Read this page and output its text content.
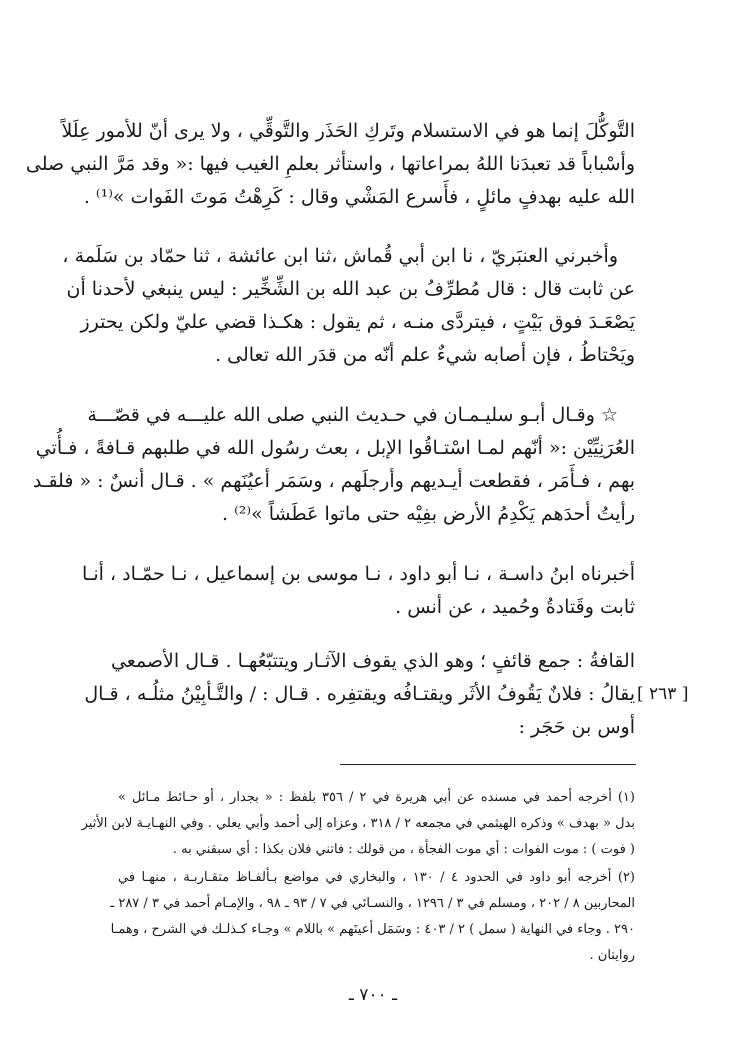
التَّوكُّلَ إنما هو في الاستسلام وتَركِ الحَذَر والتَّوقِّي ، ولا يرى أنّ للأمور عِلَلاً
وأسْباباً قد تعبدَنا اللهُ بمراعاتها ، واستأثر بعلمِ الغيب فيها :« وقد مَرَّ النبي صلى
الله عليه بهدفٍ مائلٍ ، فأَسرع المَشْي وقال : كَرِهْتُ مَوتَ الفَوات »⁽¹⁾ .
وأخبرني العنبَريّ ، نا ابن أبي قُماش ،ثنا ابن عائشة ، ثنا حمّاد بن سَلَمة ،
عن ثابت قال : قال مُطرِّفُ بن عبد الله بن الشِّخِّير : ليس ينبغي لأحدنا أن
يَصْعَـدَ فوق بَيْتٍ ، فيتردَّى منـه ، ثم يقول : هكـذا قضي عليّ ولكن يحترز
ويَحْتاطُ ، فإن أصابه شيءٌ علم أنّه من قدَر الله تعالى .
☆ وقـال أبـو سليـمـان في حـديث النبي صلى الله عليـــه في قصّـــة
العُرَنِيِّيْن :« أنّهم لمـا اسْتـاقُوا الإبل ، بعث رسُول الله في طلبهم قـافةً ، فـأُتي
بهم ، فـأَمَر ، فقطعت أيـديهم وأرجلَهم ، وسَمَر أعيُنَهم » . قـال أنسٌ : « فلقـد
رأيتُ أحدَهم يَكْدِمُ الأرض بفِيْه حتى ماتوا عَطَشاً »⁽²⁾ .
أخبرناه ابنُ داسـة ، نـا أبو داود ، نـا موسى بن إسماعيل ، نـا حمّـاد ، أنـا
ثابت وقَتادةُ وحُميد ، عن أنس .
القافةُ : جمع قائفٍ ؛ وهو الذي يقوف الآثـار ويتتبّعُهـا . قـال الأصمعي
يقالُ : فلانٌ يَقُوفُ الأثَر ويقتـافُه ويقتفِره . قـال : / والتَّـأبِيْنُ مثلُـه ، قـال
أوس بن حَجَر :
[ ٢٦٣ ]
(١) أخرجه أحمد في مسنده عن أبي هريرة في ٢ / ٣٥٦ بلفظ : « بجدار ، أو حـائط مـائل »
بدل « بهدف » وذكره الهيثمي في مجمعه ٢ / ٣١٨ ، وعزاه إلى أحمد وأبي يعلي . وفي النهـايـة لابن الأثير
( فوت ) : موت الفوات : أي موت الفجأة ، من قولك : فاتني فلان بكذا : أي سبقني به .
(٢) أخرجه أبو داود في الحدود ٤ / ١٣٠ ، والبخاري في مواضع بـألفـاظ متقـاربـة ، منهـا في
المحاربين ٨ / ٢٠٢ ، ومسلم في ٣ / ١٢٩٦ ، والنسـائي في ٧ / ٩٣ ـ ٩٨ ، والإمـام أحمد في ٣ / ٢٨٧ ـ
٢٩٠ . وجاء في النهاية ( سمل ) ٢ / ٤٠٣ : وسَمَل أعينَهم » باللام » وجـاء كـذلـك في الشرح ، وهمـا
روايتان .
ـ ٧٠٠ ـ
